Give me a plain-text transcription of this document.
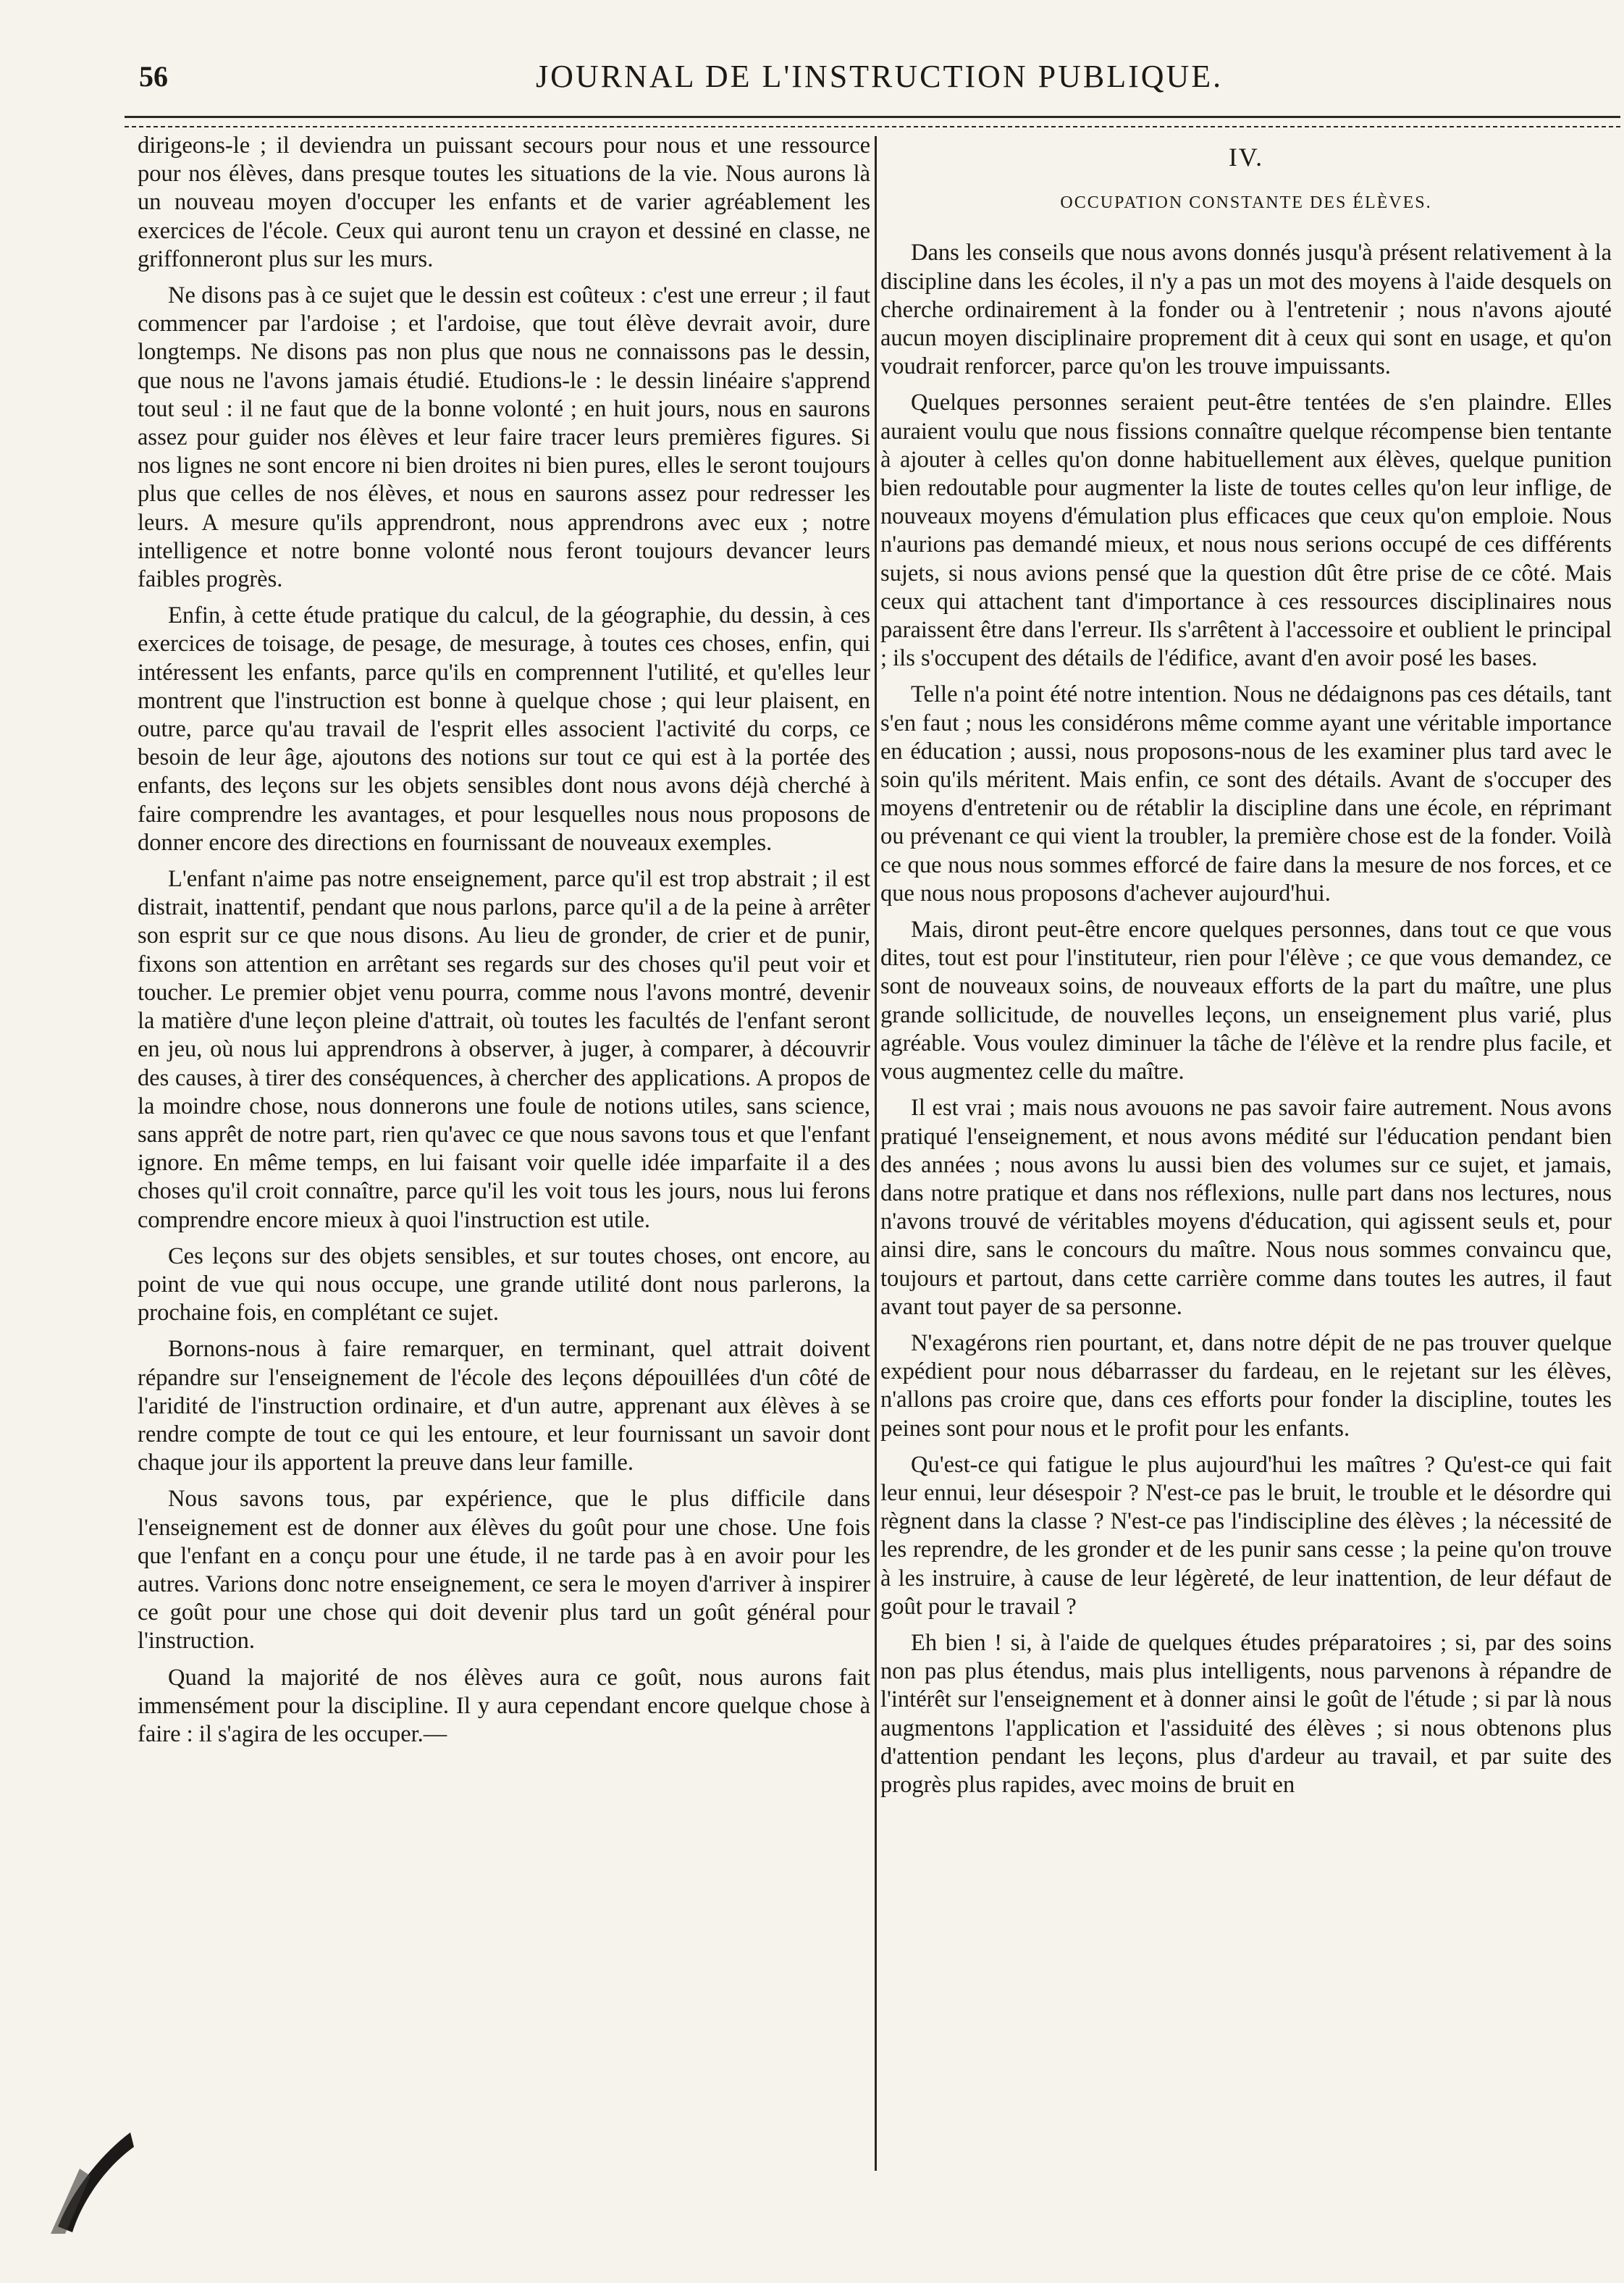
56	JOURNAL DE L'INSTRUCTION PUBLIQUE.

dirigeons-le ; il deviendra un puissant secours pour nous et une ressource pour nos élèves, dans presque toutes les situations de la vie. Nous aurons là un nouveau moyen d'occuper les enfants et de varier agréablement les exercices de l'école. Ceux qui auront tenu un crayon et dessiné en classe, ne griffonneront plus sur les murs.

Ne disons pas à ce sujet que le dessin est coûteux : c'est une erreur ; il faut commencer par l'ardoise ; et l'ardoise, que tout élève devrait avoir, dure longtemps. Ne disons pas non plus que nous ne connaissons pas le dessin, que nous ne l'avons jamais étudié. Etudions-le : le dessin linéaire s'apprend tout seul : il ne faut que de la bonne volonté ; en huit jours, nous en saurons assez pour guider nos élèves et leur faire tracer leurs premières figures. Si nos lignes ne sont encore ni bien droites ni bien pures, elles le seront toujours plus que celles de nos élèves, et nous en saurons assez pour redresser les leurs. A mesure qu'ils apprendront, nous apprendrons avec eux ; notre intelligence et notre bonne volonté nous feront toujours devancer leurs faibles progrès.

Enfin, à cette étude pratique du calcul, de la géographie, du dessin, à ces exercices de toisage, de pesage, de mesurage, à toutes ces choses, enfin, qui intéressent les enfants, parce qu'ils en comprennent l'utilité, et qu'elles leur montrent que l'instruction est bonne à quelque chose ; qui leur plaisent, en outre, parce qu'au travail de l'esprit elles associent l'activité du corps, ce besoin de leur âge, ajoutons des notions sur tout ce qui est à la portée des enfants, des leçons sur les objets sensibles dont nous avons déjà cherché à faire comprendre les avantages, et pour lesquelles nous nous proposons de donner encore des directions en fournissant de nouveaux exemples.

L'enfant n'aime pas notre enseignement, parce qu'il est trop abstrait ; il est distrait, inattentif, pendant que nous parlons, parce qu'il a de la peine à arrêter son esprit sur ce que nous disons. Au lieu de gronder, de crier et de punir, fixons son attention en arrêtant ses regards sur des choses qu'il peut voir et toucher. Le premier objet venu pourra, comme nous l'avons montré, devenir la matière d'une leçon pleine d'attrait, où toutes les facultés de l'enfant seront en jeu, où nous lui apprendrons à observer, à juger, à comparer, à découvrir des causes, à tirer des conséquences, à chercher des applications. A propos de la moindre chose, nous donnerons une foule de notions utiles, sans science, sans apprêt de notre part, rien qu'avec ce que nous savons tous et que l'enfant ignore. En même temps, en lui faisant voir quelle idée imparfaite il a des choses qu'il croit connaître, parce qu'il les voit tous les jours, nous lui ferons comprendre encore mieux à quoi l'instruction est utile.

Ces leçons sur des objets sensibles, et sur toutes choses, ont encore, au point de vue qui nous occupe, une grande utilité dont nous parlerons, la prochaine fois, en complétant ce sujet.

Bornons-nous à faire remarquer, en terminant, quel attrait doivent répandre sur l'enseignement de l'école des leçons dépouillées d'un côté de l'aridité de l'instruction ordinaire, et d'un autre, apprenant aux élèves à se rendre compte de tout ce qui les entoure, et leur fournissant un savoir dont chaque jour ils apportent la preuve dans leur famille.

Nous savons tous, par expérience, que le plus difficile dans l'enseignement est de donner aux élèves du goût pour une chose. Une fois que l'enfant en a conçu pour une étude, il ne tarde pas à en avoir pour les autres. Varions donc notre enseignement, ce sera le moyen d'arriver à inspirer ce goût pour une chose qui doit devenir plus tard un goût général pour l'instruction.

Quand la majorité de nos élèves aura ce goût, nous aurons fait immensément pour la discipline. Il y aura cependant encore quelque chose à faire : il s'agira de les occuper.—

IV.
OCCUPATION CONSTANTE DES ÉLÈVES.

Dans les conseils que nous avons donnés jusqu'à présent relativement à la discipline dans les écoles, il n'y a pas un mot des moyens à l'aide desquels on cherche ordinairement à la fonder ou à l'entretenir ; nous n'avons ajouté aucun moyen disciplinaire proprement dit à ceux qui sont en usage, et qu'on voudrait renforcer, parce qu'on les trouve impuissants.

Quelques personnes seraient peut-être tentées de s'en plaindre. Elles auraient voulu que nous fissions connaître quelque récompense bien tentante à ajouter à celles qu'on donne habituellement aux élèves, quelque punition bien redoutable pour augmenter la liste de toutes celles qu'on leur inflige, de nouveaux moyens d'émulation plus efficaces que ceux qu'on emploie. Nous n'aurions pas demandé mieux, et nous nous serions occupé de ces différents sujets, si nous avions pensé que la question dût être prise de ce côté. Mais ceux qui attachent tant d'importance à ces ressources disciplinaires nous paraissent être dans l'erreur. Ils s'arrêtent à l'accessoire et oublient le principal ; ils s'occupent des détails de l'édifice, avant d'en avoir posé les bases.

Telle n'a point été notre intention. Nous ne dédaignons pas ces détails, tant s'en faut ; nous les considérons même comme ayant une véritable importance en éducation ; aussi, nous proposons-nous de les examiner plus tard avec le soin qu'ils méritent. Mais enfin, ce sont des détails. Avant de s'occuper des moyens d'entretenir ou de rétablir la discipline dans une école, en réprimant ou prévenant ce qui vient la troubler, la première chose est de la fonder. Voilà ce que nous nous sommes efforcé de faire dans la mesure de nos forces, et ce que nous nous proposons d'achever aujourd'hui.

Mais, diront peut-être encore quelques personnes, dans tout ce que vous dites, tout est pour l'instituteur, rien pour l'élève ; ce que vous demandez, ce sont de nouveaux soins, de nouveaux efforts de la part du maître, une plus grande sollicitude, de nouvelles leçons, un enseignement plus varié, plus agréable. Vous voulez diminuer la tâche de l'élève et la rendre plus facile, et vous augmentez celle du maître.

Il est vrai ; mais nous avouons ne pas savoir faire autrement. Nous avons pratiqué l'enseignement, et nous avons médité sur l'éducation pendant bien des années ; nous avons lu aussi bien des volumes sur ce sujet, et jamais, dans notre pratique et dans nos réflexions, nulle part dans nos lectures, nous n'avons trouvé de véritables moyens d'éducation, qui agissent seuls et, pour ainsi dire, sans le concours du maître. Nous nous sommes convaincu que, toujours et partout, dans cette carrière comme dans toutes les autres, il faut avant tout payer de sa personne.

N'exagérons rien pourtant, et, dans notre dépit de ne pas trouver quelque expédient pour nous débarrasser du fardeau, en le rejetant sur les élèves, n'allons pas croire que, dans ces efforts pour fonder la discipline, toutes les peines sont pour nous et le profit pour les enfants.

Qu'est-ce qui fatigue le plus aujourd'hui les maîtres ? Qu'est-ce qui fait leur ennui, leur désespoir ? N'est-ce pas le bruit, le trouble et le désordre qui règnent dans la classe ? N'est-ce pas l'indiscipline des élèves ; la nécessité de les reprendre, de les gronder et de les punir sans cesse ; la peine qu'on trouve à les instruire, à cause de leur légèreté, de leur inattention, de leur défaut de goût pour le travail ?

Eh bien ! si, à l'aide de quelques études préparatoires ; si, par des soins non pas plus étendus, mais plus intelligents, nous parvenons à répandre de l'intérêt sur l'enseignement et à donner ainsi le goût de l'étude ; si par là nous augmentons l'application et l'assiduité des élèves ; si nous obtenons plus d'attention pendant les leçons, plus d'ardeur au travail, et par suite des progrès plus rapides, avec moins de bruit en
